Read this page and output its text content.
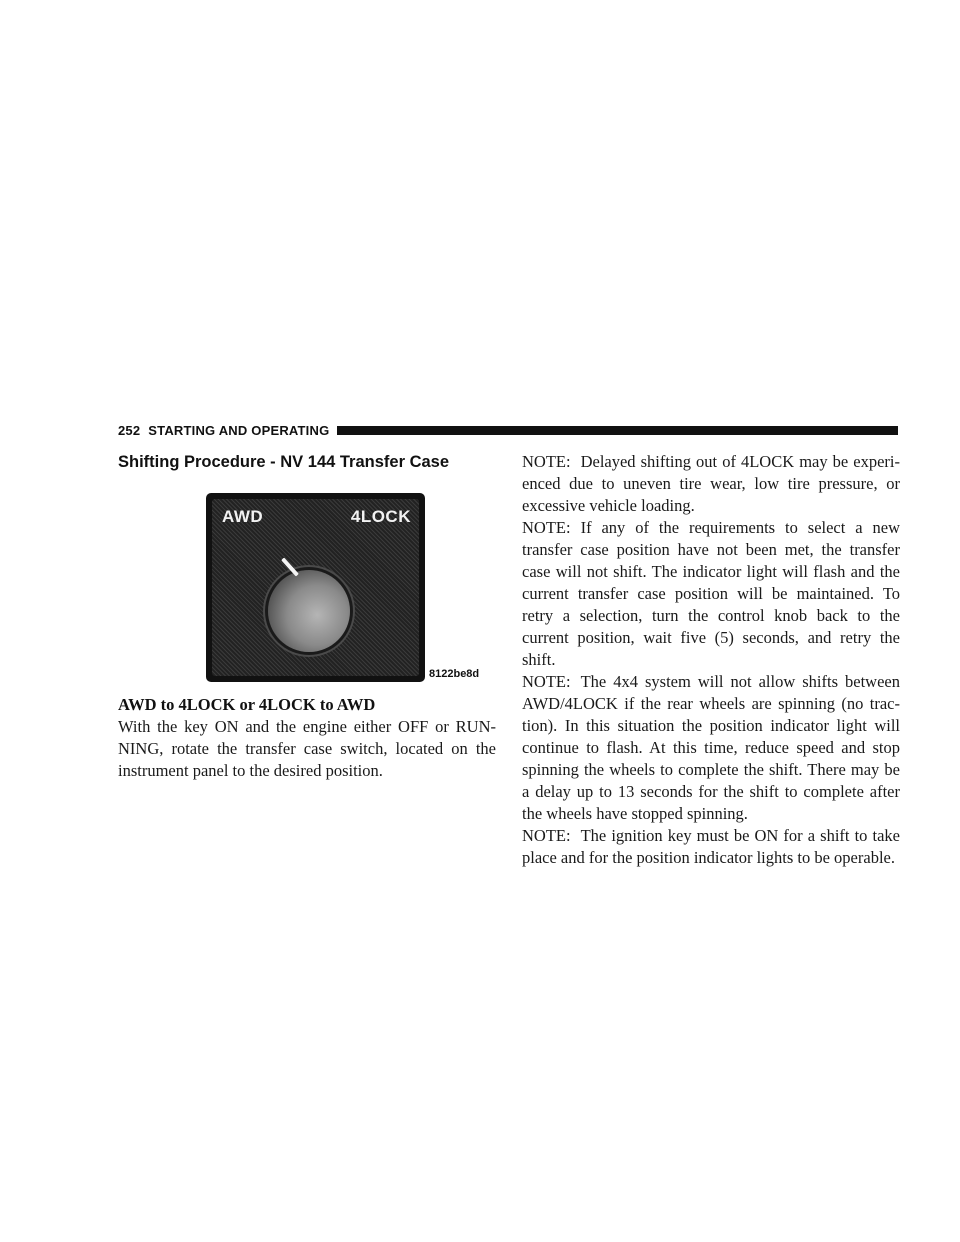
252 STARTING AND OPERATING
Shifting Procedure - NV 144 Transfer Case
AWD	4LOCK
8122be8d
AWD to 4LOCK or 4LOCK to AWD

With the key ON and the engine either OFF or RUN-NING, rotate the transfer case switch, located on the instrument panel to the desired position.

NOTE: Delayed shifting out of 4LOCK may be experi-enced due to uneven tire wear, low tire pressure, or excessive vehicle loading.

NOTE: If any of the requirements to select a new transfer case position have not been met, the transfer case will not shift. The indicator light will flash and the current transfer case position will be maintained. To retry a selection, turn the control knob back to the current position, wait five (5) seconds, and retry the shift.

NOTE: The 4x4 system will not allow shifts between AWD/4LOCK if the rear wheels are spinning (no trac-tion). In this situation the position indicator light will continue to flash. At this time, reduce speed and stop spinning the wheels to complete the shift. There may be a delay up to 13 seconds for the shift to complete after the wheels have stopped spinning.

NOTE: The ignition key must be ON for a shift to take place and for the position indicator lights to be operable.
